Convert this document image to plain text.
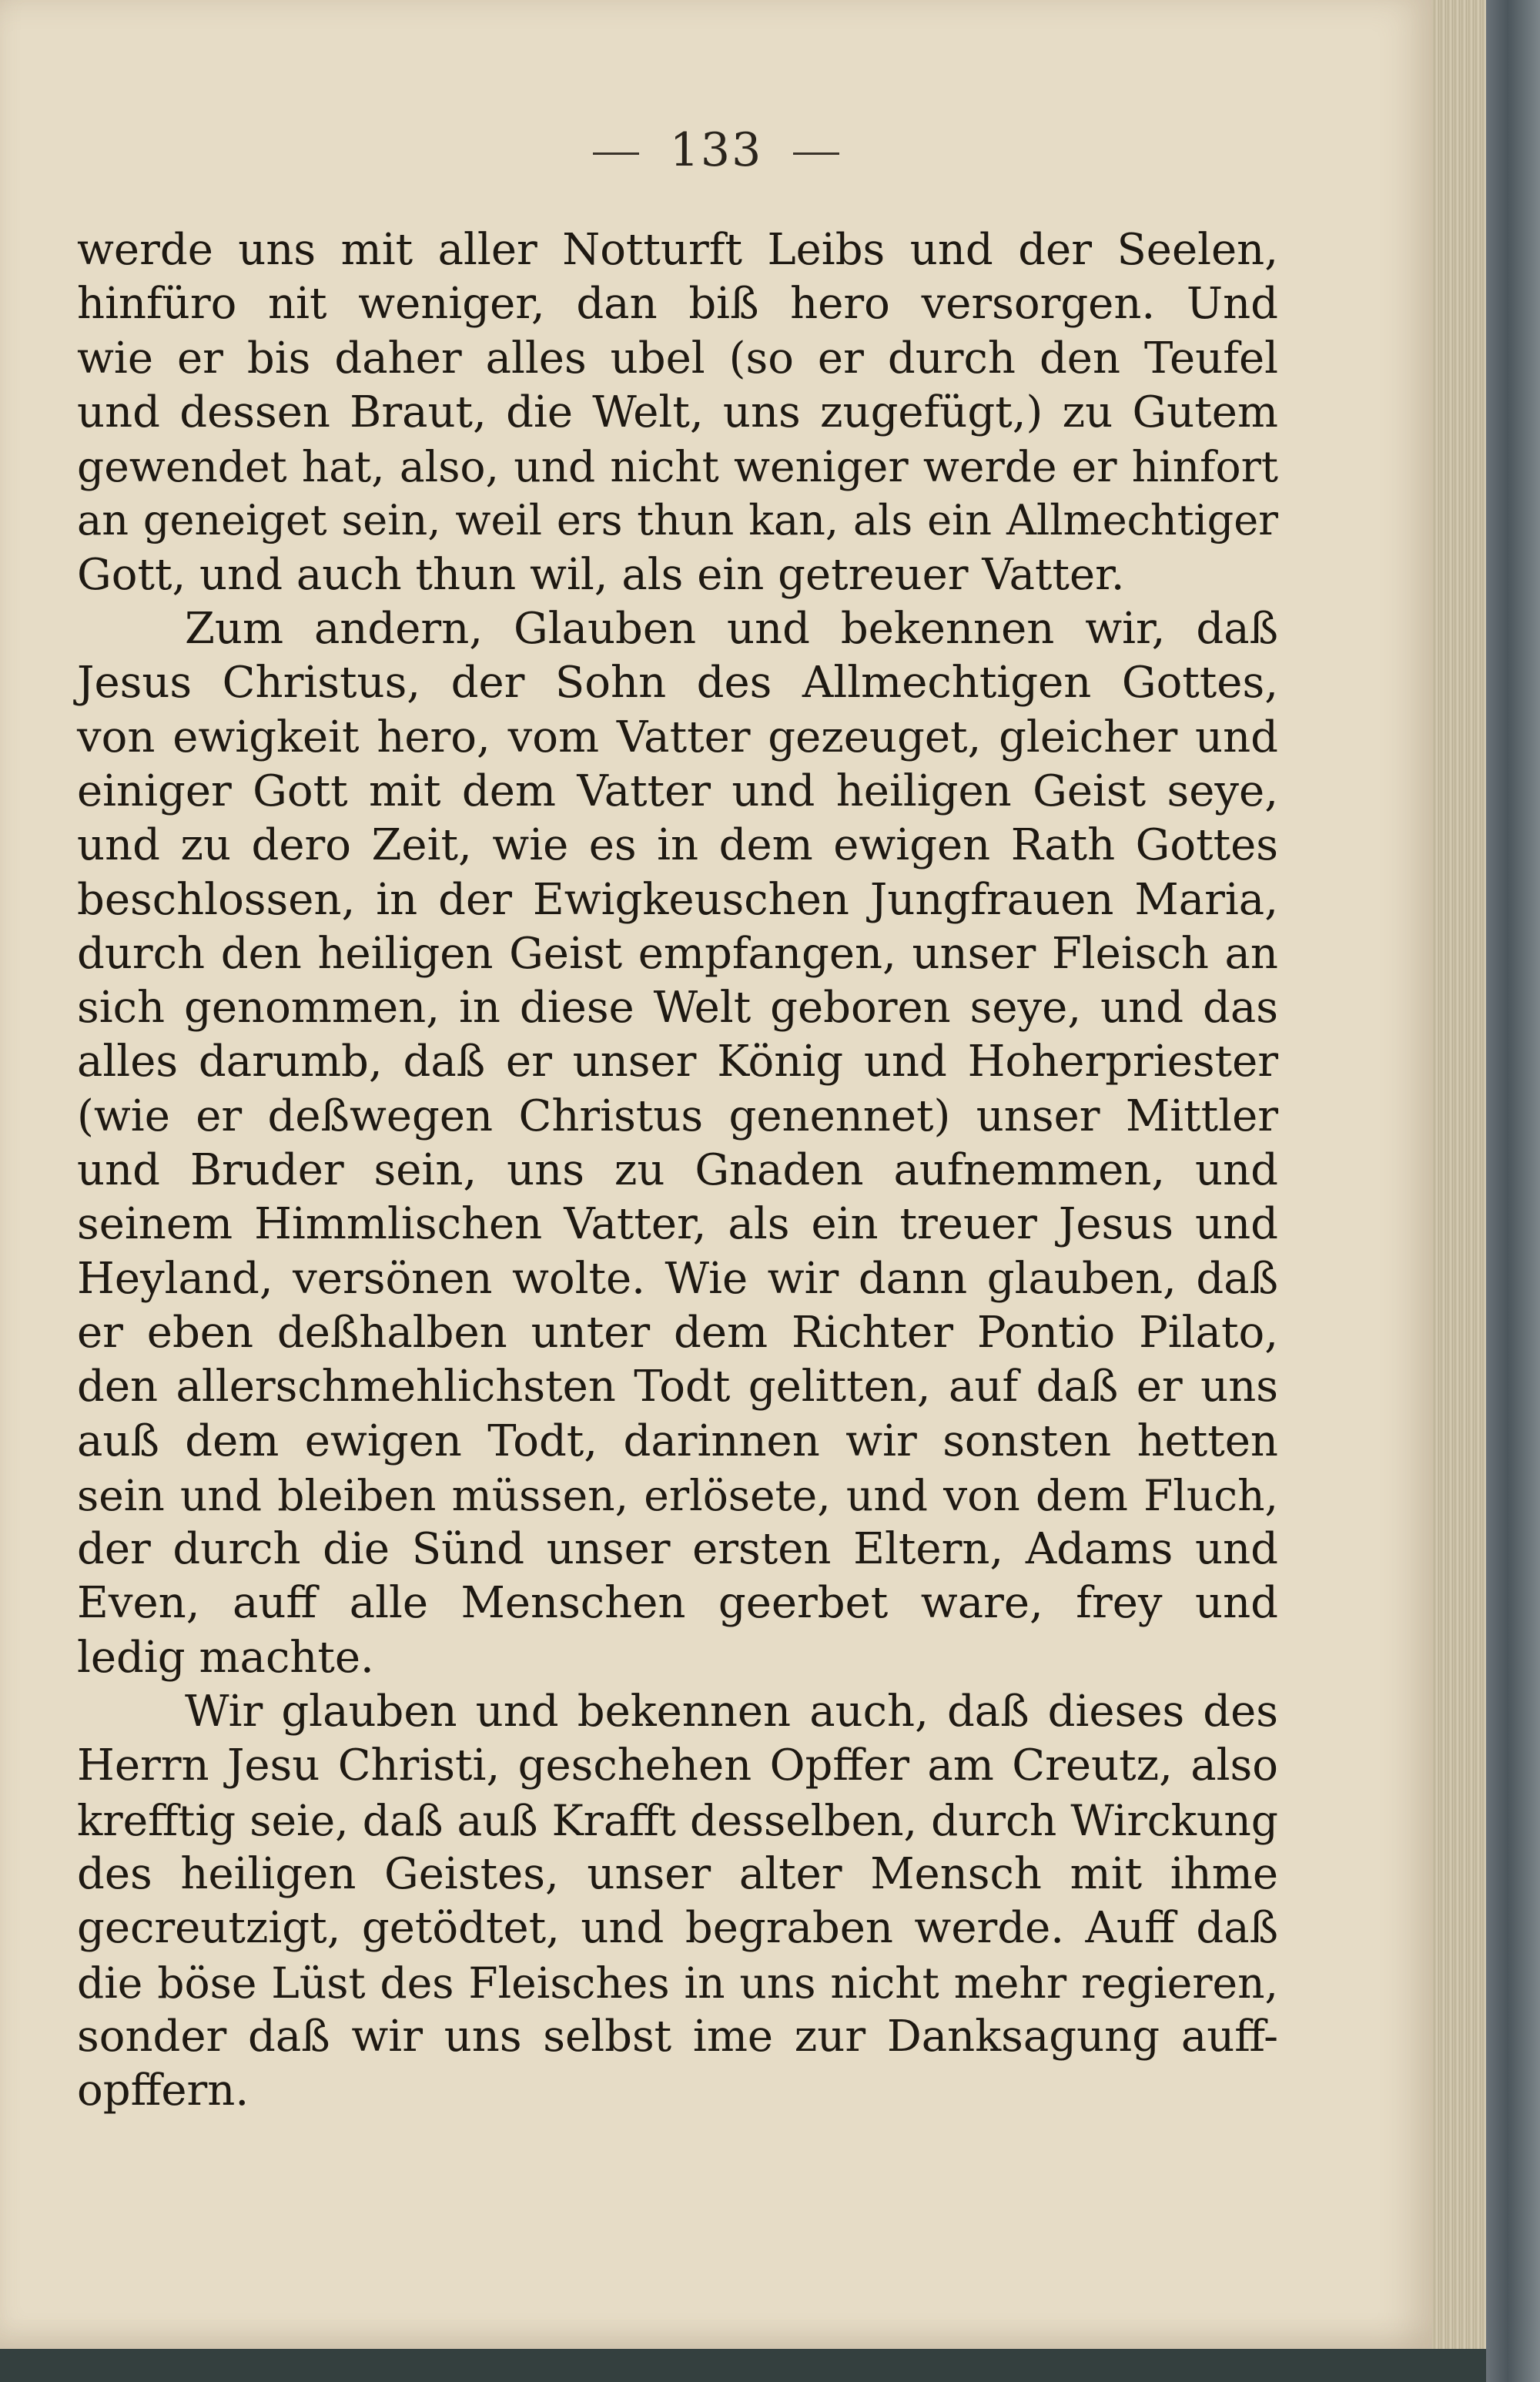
133
werde uns mit aller Notturft Leibs und der Seelen,
hinfüro nit weniger, dan biß hero versorgen. Und
wie er bis daher alles ubel (so er durch den Teufel
und dessen Braut, die Welt, uns zugefügt,) zu Gutem
gewendet hat, also, und nicht weniger werde er hinfort
an geneiget sein, weil ers thun kan, als ein Allmechtiger
Gott, und auch thun wil, als ein getreuer Vatter.
Zum andern, Glauben und bekennen wir, daß
Jesus Christus, der Sohn des Allmechtigen Gottes,
von ewigkeit hero, vom Vatter gezeuget, gleicher und
einiger Gott mit dem Vatter und heiligen Geist seye,
und zu dero Zeit, wie es in dem ewigen Rath Gottes
beschlossen, in der Ewigkeuschen Jungfrauen Maria,
durch den heiligen Geist empfangen, unser Fleisch an
sich genommen, in diese Welt geboren seye, und das
alles darumb, daß er unser König und Hoherpriester
(wie er deßwegen Christus genennet) unser Mittler
und Bruder sein, uns zu Gnaden aufnemmen, und
seinem Himmlischen Vatter, als ein treuer Jesus und
Heyland, versönen wolte. Wie wir dann glauben, daß
er eben deßhalben unter dem Richter Pontio Pilato,
den allerschmehlichsten Todt gelitten, auf daß er uns
auß dem ewigen Todt, darinnen wir sonsten hetten
sein und bleiben müssen, erlösete, und von dem Fluch,
der durch die Sünd unser ersten Eltern, Adams und
Even, auff alle Menschen geerbet ware, frey und
ledig machte.
Wir glauben und bekennen auch, daß dieses des
Herrn Jesu Christi, geschehen Opffer am Creutz, also
krefftig seie, daß auß Krafft desselben, durch Wirckung
des heiligen Geistes, unser alter Mensch mit ihme
gecreutzigt, getödtet, und begraben werde. Auff daß
die böse Lüst des Fleisches in uns nicht mehr regieren,
sonder daß wir uns selbst ime zur Danksagung auff-
opffern.
